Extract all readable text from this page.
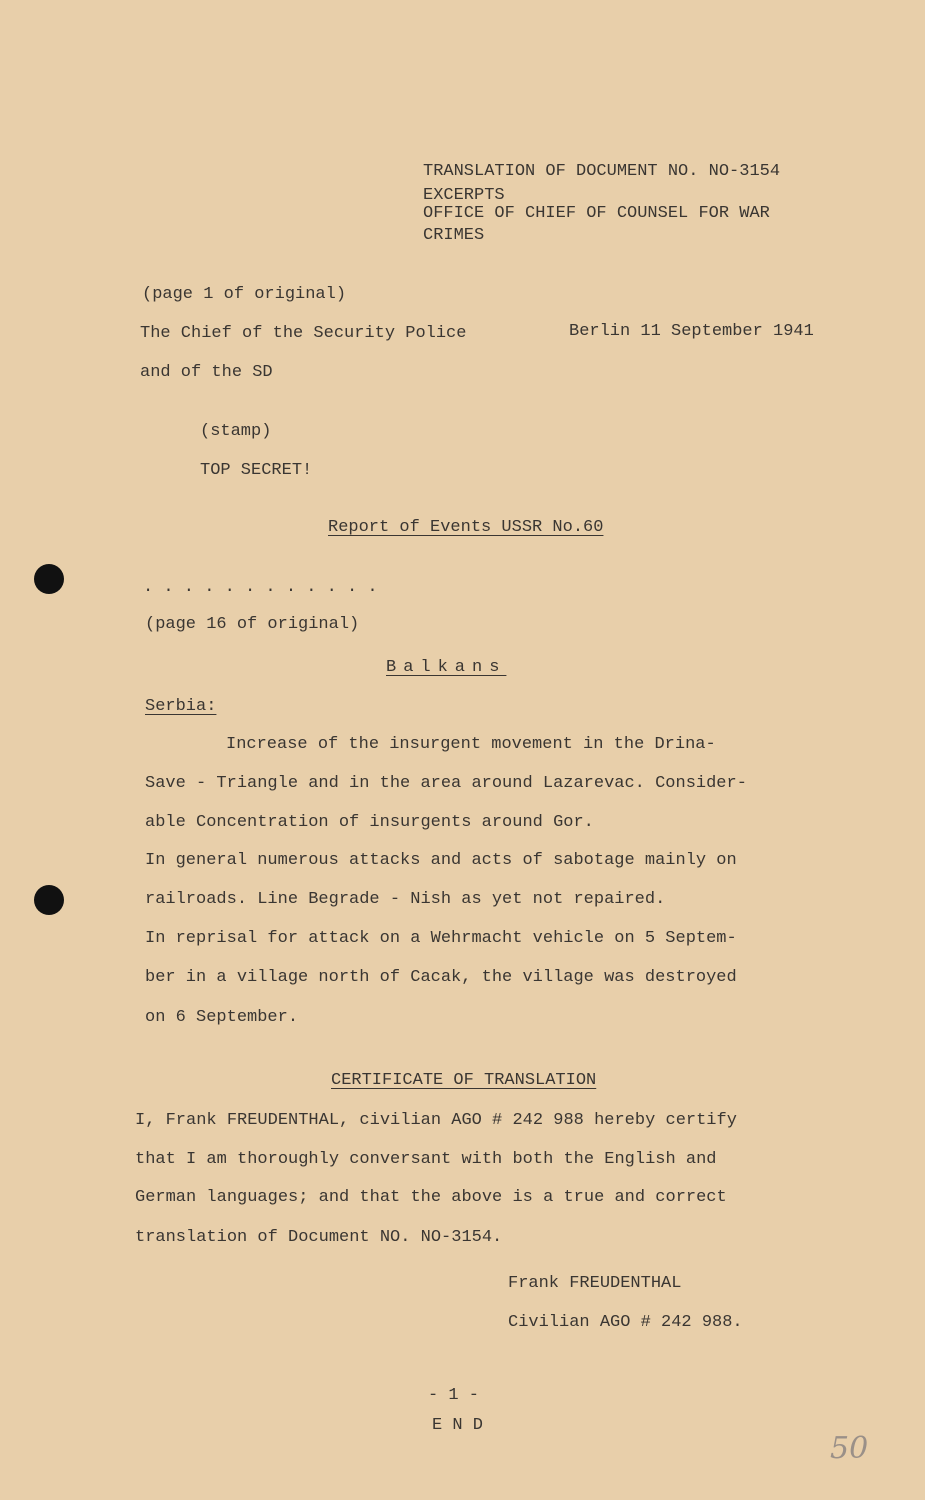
TRANSLATION OF DOCUMENT NO. NO-3154
EXCERPTS
OFFICE OF CHIEF OF COUNSEL FOR WAR
CRIMES
(page 1 of original)
The Chief of the Security Police	Berlin 11 September 1941
and of the SD
(stamp)
TOP SECRET!
Report of Events USSR No.60
. . . . . . . . . . . .
(page 16 of original)
Balkans
Serbia:
Increase of the insurgent movement in the Drina-
Save - Triangle and in the area around Lazarevac. Consider-
able Concentration of insurgents around Gor.
In general numerous attacks and acts of sabotage mainly on
railroads. Line Begrade - Nish as yet not repaired.
In reprisal for attack on a Wehrmacht vehicle on 5 Septem-
ber in a village north of Cacak, the village was destroyed
on 6 September.
CERTIFICATE OF TRANSLATION
I, Frank FREUDENTHAL, civilian AGO # 242 988 hereby certify
that I am thoroughly conversant with both the English and
German languages; and that the above is a true and correct
translation of Document NO. NO-3154.
Frank FREUDENTHAL
Civilian AGO # 242 988.
- 1 -
E N D
50
